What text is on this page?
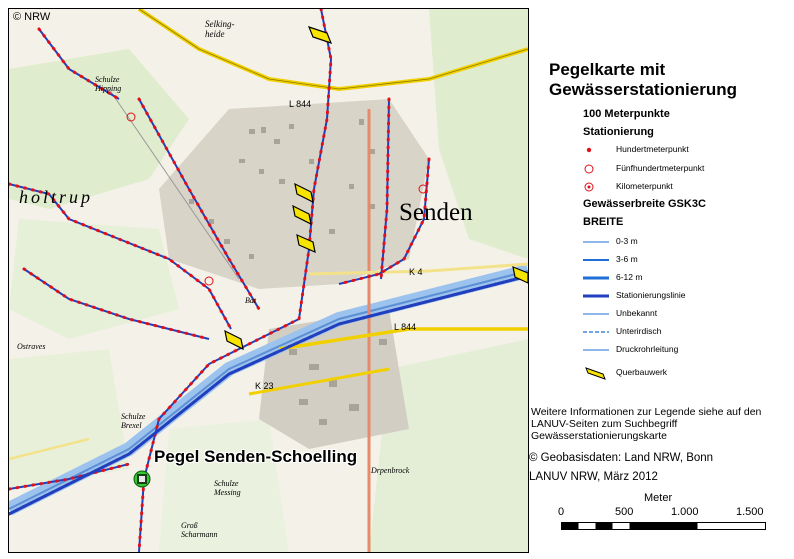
© NRW
Senden
holtrup
Selking- heide
Schulze Hipping
Schulze Brexel
Schulze Messing
Groß Scharmann
Drpenbrock
Ostraves
Bat
L 844
L 844
K 4
K 23
Pegel Senden-Schoelling
Pegelkarte mit
Gewässerstationierung
100 Meterpunkte
Stationierung
Hundertmeterpunkt
Fünfhundertmeterpunkt
Kilometerpunkt
Gewässerbreite GSK3C
BREITE
0-3 m
3-6 m
6-12 m
Stationierungslinie
Unbekannt
Unterirdisch
Druckrohrleitung
Querbauwerk
Weitere Informationen zur Legende siehe auf den LANUV-Seiten zum Suchbegriff Gewässerstationierungskarte
© Geobasisdaten: Land NRW, Bonn
LANUV NRW, März 2012
Meter
0	500	1.000	1.500
